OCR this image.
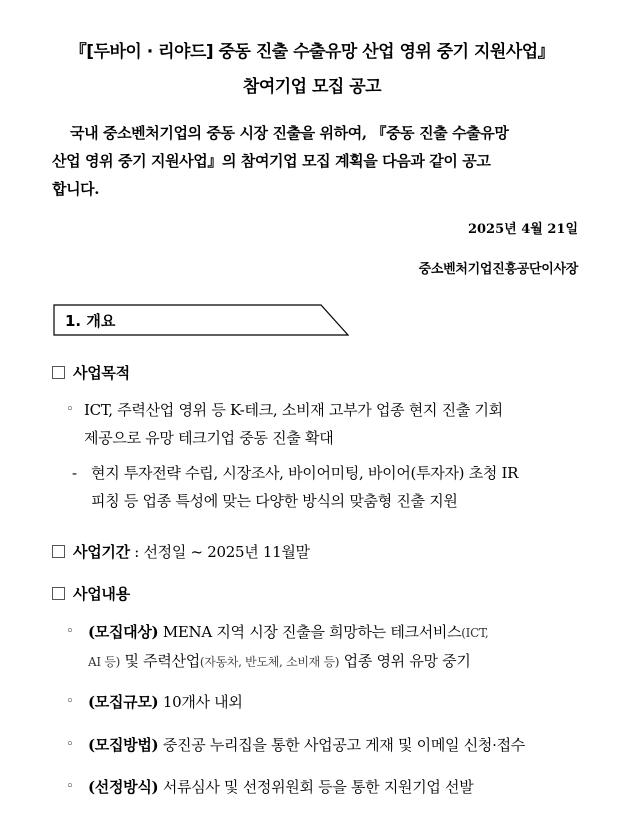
『[두바이 · 리야드] 중동 진출 수출유망 산업 영위 중기 지원사업』
참여기업 모집 공고
국내 중소벤처기업의 중동 시장 진출을 위하여, 『중동 진출 수출유망
산업 영위 중기 지원사업』의 참여기업 모집 계획을 다음과 같이 공고
합니다.
2025년 4월 21일
중소벤처기업진흥공단이사장
1. 개요
사업목적
◦ ICT, 주력산업 영위 등 K-테크, 소비재 고부가 업종 현지 진출 기회
제공으로 유망 테크기업 중동 진출 확대
- 현지 투자전략 수립, 시장조사, 바이어미팅, 바이어(투자자) 초청 IR
피칭 등 업종 특성에 맞는 다양한 방식의 맞춤형 진출 지원
사업기간 : 선정일 ~ 2025년 11월말
사업내용
◦ (모집대상) MENA 지역 시장 진출을 희망하는 테크서비스(ICT,
AI 등) 및 주력산업(자동차, 반도체, 소비재 등) 업종 영위 유망 중기
◦ (모집규모) 10개사 내외
◦ (모집방법) 중진공 누리집을 통한 사업공고 게재 및 이메일 신청·접수
◦ (선정방식) 서류심사 및 선정위원회 등을 통한 지원기업 선발
